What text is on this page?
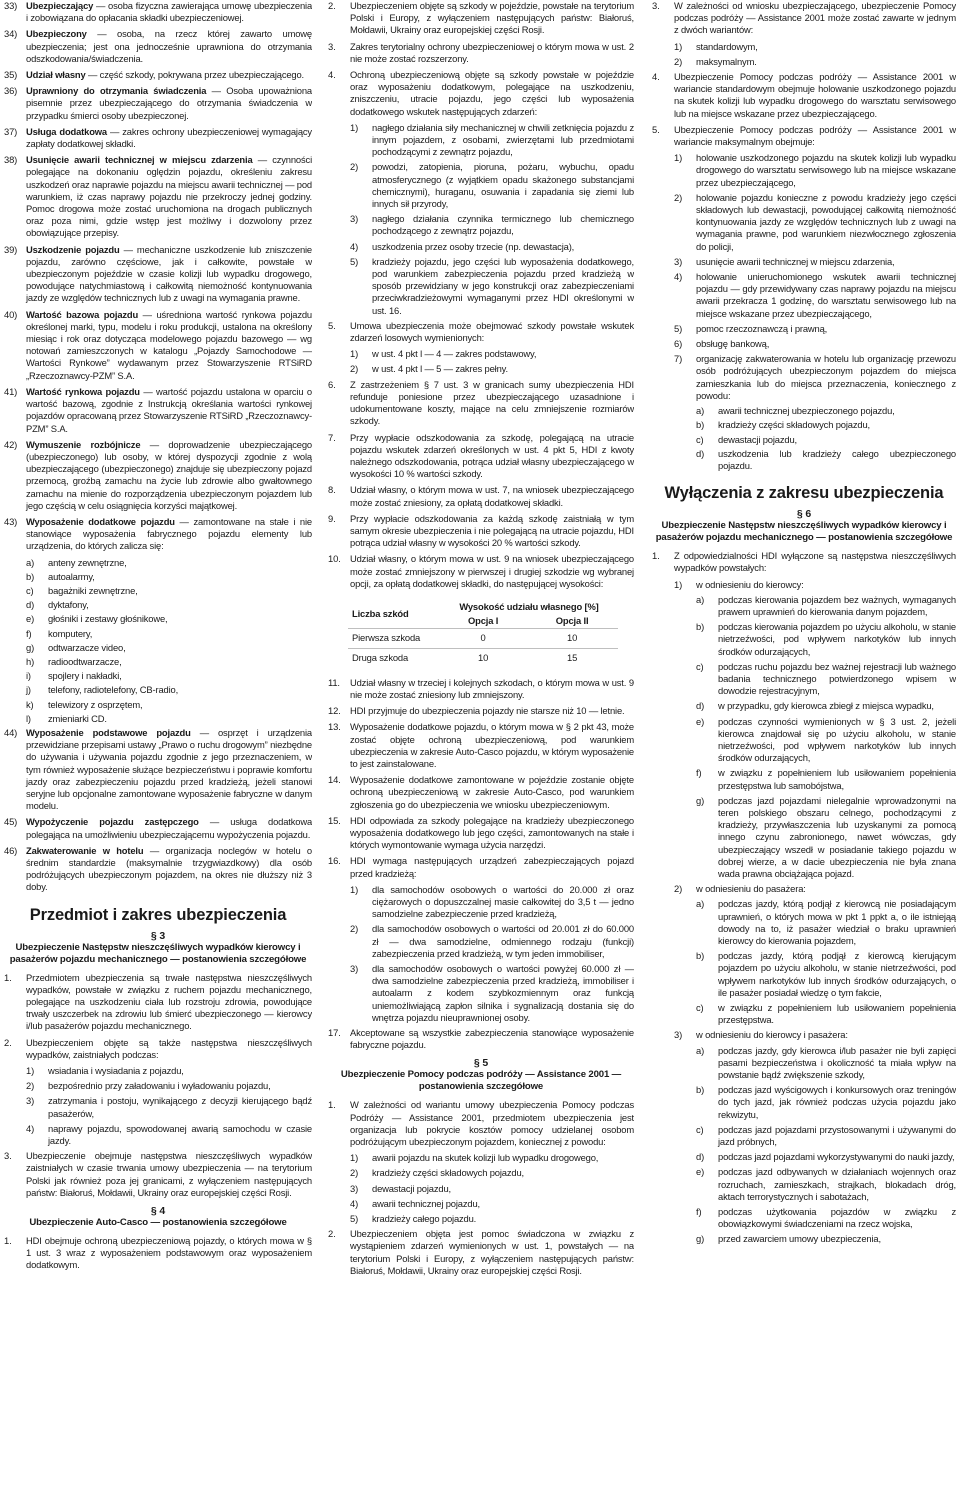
33) Ubezpieczający — osoba fizyczna zawierająca umowę ubezpieczenia i zobowiązana do opłacania składki ubezpieczeniowej.
34) Ubezpieczony — osoba, na rzecz której zawarto umowę ubezpieczenia; jest ona jednocześnie uprawniona do otrzymania odszkodowania/świadczenia.
35) Udział własny — część szkody, pokrywana przez ubezpieczającego.
36) Uprawniony do otrzymania świadczenia — Osoba upoważniona pisemnie przez ubezpieczającego do otrzymania świadczenia w przypadku śmierci osoby ubezpieczonej.
37) Usługa dodatkowa — zakres ochrony ubezpieczeniowej wymagający zapłaty dodatkowej składki.
38) Usunięcie awarii technicznej w miejscu zdarzenia — czynności polegające na dokonaniu oględzin pojazdu, określeniu zakresu uszkodzeń oraz naprawie pojazdu na miejscu awarii technicznej — pod warunkiem, iż czas naprawy pojazdu nie przekroczy jednej godziny. Pomoc drogowa może zostać uruchomiona na drogach publicznych oraz poza nimi, gdzie wstęp jest możliwy i dozwolony przez obowiązujące przepisy.
39) Uszkodzenie pojazdu — mechaniczne uszkodzenie lub zniszczenie pojazdu, zarówno częściowe, jak i całkowite, powstałe w ubezpieczonym pojeździe w czasie kolizji lub wypadku drogowego, powodujące natychmiastową i całkowitą niemożność kontynuowania jazdy ze względów technicznych lub z uwagi na wymagania prawne.
40) Wartość bazowa pojazdu — uśredniona wartość rynkowa pojazdu określonej marki, typu, modelu i roku produkcji, ustalona na określony miesiąc i rok oraz dotycząca modelowego pojazdu bazowego — wg notowań zamieszczonych w katalogu „Pojazdy Samochodowe — Wartości Rynkowe” wydawanym przez Stowarzyszenie RTSiRD „Rzeczoznawcy-PZM” S.A.
41) Wartość rynkowa pojazdu — wartość pojazdu ustalona w oparciu o wartość bazową, zgodnie z Instrukcją określania wartości rynkowej pojazdów opracowaną przez Stowarzyszenie RTSiRD „Rzeczoznawcy-PZM” S.A.
42) Wymuszenie rozbójnicze — doprowadzenie ubezpieczającego (ubezpieczonego) lub osoby, w której dyspozycji zgodnie z wolą ubezpieczającego (ubezpieczonego) znajduje się ubezpieczony pojazd przemocą, groźbą zamachu na życie lub zdrowie albo gwałtownego zamachu na mienie do rozporządzenia ubezpieczonym pojazdem lub jego częścią w celu osiągnięcia korzyści majątkowej.
43) Wyposażenie dodatkowe pojazdu — zamontowane na stałe i nie stanowiące wyposażenia fabrycznego pojazdu elementy lub urządzenia, do których zalicza się:
a) anteny zewnętrzne,
b) autoalarmy,
c) bagażniki zewnętrzne,
d) dyktafony,
e) głośniki i zestawy głośnikowe,
f) komputery,
g) odtwarzacze video,
h) radioodtwarzacze,
i) spojlery i nakładki,
j) telefony, radiotelefony, CB-radio,
k) telewizory z osprzętem,
l) zmieniarki CD.
44) Wyposażenie podstawowe pojazdu — osprzęt i urządzenia przewidziane przepisami ustawy „Prawo o ruchu drogowym” niezbędne do używania i używania pojazdu zgodnie z jego przeznaczeniem, w tym również wyposażenie służące bezpieczeństwu i poprawie komfortu jazdy oraz zabezpieczeniu pojazdu przed kradzieżą, jeżeli stanowi seryjne lub opcjonalne zamontowane wyposażenie fabryczne w danym modelu.
45) Wypożyczenie pojazdu zastępczego — usługa dodatkowa polegająca na umożliwieniu ubezpieczającemu wypożyczenia pojazdu.
46) Zakwaterowanie w hotelu — organizacja noclegów w hotelu o średnim standardzie (maksymalnie trzygwiazdkowy) dla osób podróżujących ubezpieczonym pojazdem, na okres nie dłuższy niż 3 doby.
Przedmiot i zakres ubezpieczenia
§ 3
Ubezpieczenie Następstw nieszczęśliwych wypadków kierowcy i pasażerów pojazdu mechanicznego — postanowienia szczegółowe
1. Przedmiotem ubezpieczenia są trwałe następstwa nieszczęśliwych wypadków, powstałe w związku z ruchem pojazdu mechanicznego, polegające na uszkodzeniu ciała lub rozstroju zdrowia, powodujące trwały uszczerbek na zdrowiu lub śmierć ubezpieczonego — kierowcy i/lub pasażerów pojazdu mechanicznego.
2. Ubezpieczeniem objęte są także następstwa nieszczęśliwych wypadków, zaistniałych podczas:
1) wsiadania i wysiadania z pojazdu,
2) bezpośrednio przy załadowaniu i wyładowaniu pojazdu,
3) zatrzymania i postoju, wynikającego z decyzji kierującego bądź pasażerów,
4) naprawy pojazdu, spowodowanej awarią samochodu w czasie jazdy.
3. Ubezpieczenie obejmuje następstwa nieszczęśliwych wypadków zaistniałych w czasie trwania umowy ubezpieczenia — na terytorium Polski jak również poza jej granicami, z wyłączeniem następujących państw: Białoruś, Mołdawii, Ukrainy oraz europejskiej części Rosji.
§ 4
Ubezpieczenie Auto-Casco — postanowienia szczegółowe
1. HDI obejmuje ochroną ubezpieczeniową pojazdy, o których mowa w § 1 ust. 3 wraz z wyposażeniem podstawowym oraz wyposażeniem dodatkowym.
2. Ubezpieczeniem objęte są szkody w pojeździe, powstałe na terytorium Polski i Europy, z wyłączeniem następujących państw: Białoruś, Mołdawii, Ukrainy oraz europejskiej części Rosji.
3. Zakres terytorialny ochrony ubezpieczeniowej o którym mowa w ust. 2 nie może zostać rozszerzony.
4. Ochroną ubezpieczeniową objęte są szkody powstałe w pojeździe oraz wyposażeniu dodatkowym, polegające na uszkodzeniu, zniszczeniu, utracie pojazdu, jego części lub wyposażenia dodatkowego wskutek następujących zdarzeń:
1) nagłego działania siły mechanicznej w chwili zetknięcia pojazdu z innym pojazdem, z osobami, zwierzętami lub przedmiotami pochodzącymi z zewnątrz pojazdu,
2) powodzi, zatopienia, pioruna, pożaru, wybuchu, opadu atmosferycznego (z wyjątkiem opadu skażonego substancjami chemicznymi), huraganu, osuwania i zapadania się ziemi lub innych sił przyrody,
3) nagłego działania czynnika termicznego lub chemicznego pochodzącego z zewnątrz pojazdu,
4) uszkodzenia przez osoby trzecie (np. dewastacja),
5) kradzieży pojazdu, jego części lub wyposażenia dodatkowego, pod warunkiem zabezpieczenia pojazdu przed kradzieżą w sposób przewidziany w jego konstrukcji oraz zabezpieczeniami przeciwkradzieżowymi wymaganymi przez HDI określonymi w ust. 16.
5. Umowa ubezpieczenia może obejmować szkody powstałe wskutek zdarzeń losowych wymienionych:
1) w ust. 4 pkt l — 4 — zakres podstawowy,
2) w ust. 4 pkt l — 5 — zakres pełny.
6. Z zastrzeżeniem § 7 ust. 3 w granicach sumy ubezpieczenia HDI refunduje poniesione przez ubezpieczającego uzasadnione i udokumentowane koszty, mające na celu zmniejszenie rozmiarów szkody.
7. Przy wypłacie odszkodowania za szkodę, polegającą na utracie pojazdu wskutek zdarzeń określonych w ust. 4 pkt 5, HDI z kwoty należnego odszkodowania, potrąca udział własny ubezpieczającego w wysokości 10 % wartości szkody.
8. Udział własny, o którym mowa w ust. 7, na wniosek ubezpieczającego może zostać zniesiony, za opłatą dodatkowej składki.
9. Przy wypłacie odszkodowania za każdą szkodę zaistniałą w tym samym okresie ubezpieczenia i nie polegającą na utracie pojazdu, HDI potrąca udział własny w wysokości 20 % wartości szkody.
10. Udział własny, o którym mowa w ust. 9 na wniosek ubezpieczającego może zostać zmniejszony w pierwszej i drugiej szkodzie wg wybranej opcji, za opłatą dodatkowej składki, do następującej wysokości:
Liczba szkód	Wysokość udziału własnego [%]	
	Opcja I	Opcja II
Pierwsza szkoda	0	10
Druga szkoda	10	15
11. Udział własny w trzeciej i kolejnych szkodach, o którym mowa w ust. 9 nie może zostać zniesiony lub zmniejszony.
12. HDI przyjmuje do ubezpieczenia pojazdy nie starsze niż 10 — letnie.
13. Wyposażenie dodatkowe pojazdu, o którym mowa w § 2 pkt 43, może zostać objęte ochroną ubezpieczeniową, pod warunkiem ubezpieczenia w zakresie Auto-Casco pojazdu, w którym wyposażenie to jest zainstalowane.
14. Wyposażenie dodatkowe zamontowane w pojeździe zostanie objęte ochroną ubezpieczeniową w zakresie Auto-Casco, pod warunkiem zgłoszenia go do ubezpieczenia we wniosku ubezpieczeniowym.
15. HDI odpowiada za szkody polegające na kradzieży ubezpieczonego wyposażenia dodatkowego lub jego części, zamontowanych na stałe i których wymontowanie wymaga użycia narzędzi.
16. HDI wymaga następujących urządzeń zabezpieczających pojazd przed kradzieżą:
1) dla samochodów osobowych o wartości do 20.000 zł oraz ciężarowych o dopuszczalnej masie całkowitej do 3,5 t — jedno samodzielne zabezpieczenie przed kradzieżą,
2) dla samochodów osobowych o wartości od 20.001 zł do 60.000 zł — dwa samodzielne, odmiennego rodzaju (funkcji) zabezpieczenia przed kradzieżą, w tym jeden immobiliser,
3) dla samochodów osobowych o wartości powyżej 60.000 zł — dwa samodzielne zabezpieczenia przed kradzieżą, immobiliser i autoalarm z kodem szybkozmiennym oraz funkcją uniemożliwiającą zapłon silnika i sygnalizacją dostania się do wnętrza pojazdu nieuprawnionej osoby.
17. Akceptowane są wszystkie zabezpieczenia stanowiące wyposażenie fabryczne pojazdu.
§ 5
Ubezpieczenie Pomocy podczas podróży — Assistance 2001 — postanowienia szczegółowe
1. W zależności od wariantu umowy ubezpieczenia Pomocy podczas Podróży — Assistance 2001, przedmiotem ubezpieczenia jest organizacja lub pokrycie kosztów pomocy udzielanej osobom podróżującym ubezpieczonym pojazdem, koniecznej z powodu:
1) awarii pojazdu na skutek kolizji lub wypadku drogowego,
2) kradzieży części składowych pojazdu,
3) dewastacji pojazdu,
4) awarii technicznej pojazdu,
5) kradzieży całego pojazdu.
2. Ubezpieczeniem objęta jest pomoc świadczona w związku z wystąpieniem zdarzeń wymienionych w ust. 1, powstałych — na terytorium Polski i Europy, z wyłączeniem następujących państw: Białoruś, Mołdawii, Ukrainy oraz europejskiej części Rosji.
3. W zależności od wniosku ubezpieczającego, ubezpieczenie Pomocy podczas podróży — Assistance 2001 może zostać zawarte w jednym z dwóch wariantów:
1) standardowym,
2) maksymalnym.
4. Ubezpieczenie Pomocy podczas podróży — Assistance 2001 w wariancie standardowym obejmuje holowanie uszkodzonego pojazdu na skutek kolizji lub wypadku drogowego do warsztatu serwisowego lub na miejsce wskazane przez ubezpieczającego.
5. Ubezpieczenie Pomocy podczas podróży — Assistance 2001 w wariancie maksymalnym obejmuje:
1) holowanie uszkodzonego pojazdu na skutek kolizji lub wypadku drogowego do warsztatu serwisowego lub na miejsce wskazane przez ubezpieczającego,
2) holowanie pojazdu konieczne z powodu kradzieży jego części składowych lub dewastacji, powodującej całkowitą niemożność kontynuowania jazdy ze względów technicznych lub z uwagi na wymagania prawne, pod warunkiem niezwłocznego zgłoszenia do policji,
3) usunięcie awarii technicznej w miejscu zdarzenia,
4) holowanie unieruchomionego wskutek awarii technicznej pojazdu — gdy przewidywany czas naprawy pojazdu na miejscu awarii przekracza 1 godzinę, do warsztatu serwisowego lub na miejsce wskazane przez ubezpieczającego,
5) pomoc rzeczoznawczą i prawną,
6) obsługę bankową,
7) organizację zakwaterowania w hotelu lub organizację przewozu osób podróżujących ubezpieczonym pojazdem do miejsca zamieszkania lub do miejsca przeznaczenia, koniecznego z powodu:
a) awarii technicznej ubezpieczonego pojazdu,
b) kradzieży części składowych pojazdu,
c) dewastacji pojazdu,
d) uszkodzenia lub kradzieży całego ubezpieczonego pojazdu.
Wyłączenia z zakresu ubezpieczenia
§ 6
Ubezpieczenie Następstw nieszczęśliwych wypadków kierowcy i pasażerów pojazdu mechanicznego — postanowienia szczegółowe
1. Z odpowiedzialności HDI wyłączone są następstwa nieszczęśliwych wypadków powstałych:
1) w odniesieniu do kierowcy:
a) podczas kierowania pojazdem bez ważnych, wymaganych prawem uprawnień do kierowania danym pojazdem,
b) podczas kierowania pojazdem po użyciu alkoholu, w stanie nietrzeźwości, pod wpływem narkotyków lub innych środków odurzających,
c) podczas ruchu pojazdu bez ważnej rejestracji lub ważnego badania technicznego potwierdzonego wpisem w dowodzie rejestracyjnym,
d) w przypadku, gdy kierowca zbiegł z miejsca wypadku,
e) podczas czynności wymienionych w § 3 ust. 2, jeżeli kierowca znajdował się po użyciu alkoholu, w stanie nietrzeźwości, pod wpływem narkotyków lub innych środków odurzających,
f) w związku z popełnieniem lub usiłowaniem popełnienia przestępstwa lub samobójstwa,
g) podczas jazd pojazdami nielegalnie wprowadzonymi na teren polskiego obszaru celnego, pochodzącymi z kradzieży, przywłaszczenia lub uzyskanymi za pomocą innego czynu zabronionego, nawet wówczas, gdy ubezpieczający wszedł w posiadanie takiego pojazdu w dobrej wierze, a w dacie ubezpieczenia nie była znana wada prawna obciążająca pojazd.
2) w odniesieniu do pasażera:
a) podczas jazdy, którą podjął z kierowcą nie posiadającym uprawnień, o których mowa w pkt 1 ppkt a, o ile istniejąą dowody na to, iż pasażer wiedział o braku uprawnień kierowcy do kierowania pojazdem,
b) podczas jazdy, którą podjął z kierowcą kierującym pojazdem po użyciu alkoholu, w stanie nietrzeźwości, pod wpływem narkotyków lub innych środków odurzających, o ile pasażer posiadał wiedzę o tym fakcie,
c) w związku z popełnieniem lub usiłowaniem popełnienia przestępstwa.
3) w odniesieniu do kierowcy i pasażera:
a) podczas jazdy, gdy kierowca i/lub pasażer nie byli zapięci pasami bezpieczeństwa i okoliczność ta miała wpływ na powstanie bądź zwiększenie szkody,
b) podczas jazd wyścigowych i konkursowych oraz treningów do tych jazd, jak również podczas użycia pojazdu jako rekwizytu,
c) podczas jazd pojazdami przystosowanymi i używanymi do jazd próbnych,
d) podczas jazd pojazdami wykorzystywanymi do nauki jazdy,
e) podczas jazd odbywanych w działaniach wojennych oraz rozruchach, zamieszkach, strajkach, blokadach dróg, aktach terrorystycznych i sabotażach,
f) podczas użytkowania pojazdów w związku z obowiązkowymi świadczeniami na rzecz wojska,
g) przed zawarciem umowy ubezpieczenia,
